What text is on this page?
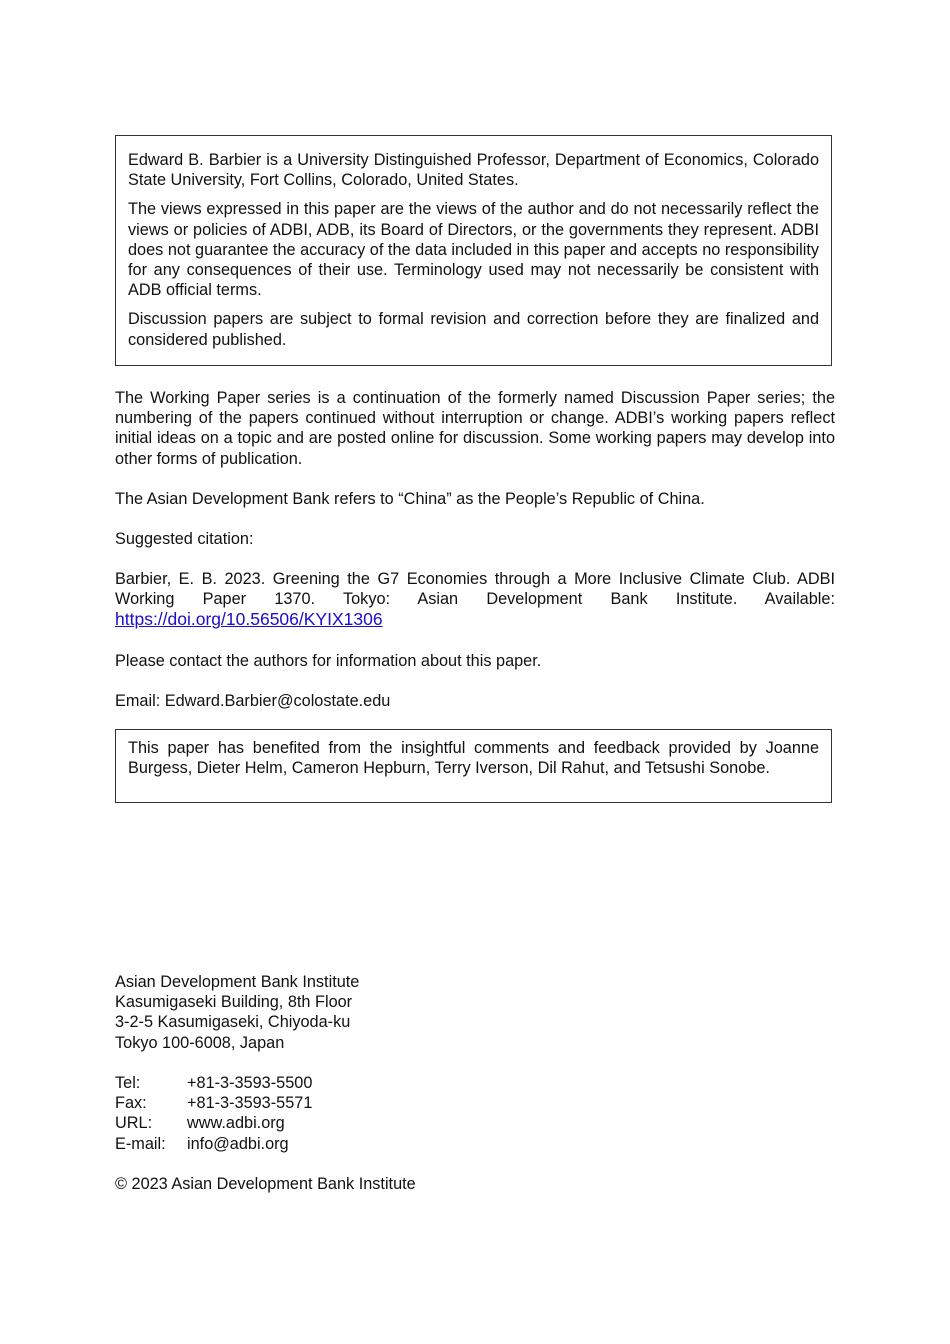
Edward B. Barbier is a University Distinguished Professor, Department of Economics, Colorado State University, Fort Collins, Colorado, United States.

The views expressed in this paper are the views of the author and do not necessarily reflect the views or policies of ADBI, ADB, its Board of Directors, or the governments they represent. ADBI does not guarantee the accuracy of the data included in this paper and accepts no responsibility for any consequences of their use. Terminology used may not necessarily be consistent with ADB official terms.

Discussion papers are subject to formal revision and correction before they are finalized and considered published.

The Working Paper series is a continuation of the formerly named Discussion Paper series; the numbering of the papers continued without interruption or change. ADBI’s working papers reflect initial ideas on a topic and are posted online for discussion. Some working papers may develop into other forms of publication.

The Asian Development Bank refers to “China” as the People’s Republic of China.

Suggested citation:

Barbier, E. B. 2023. Greening the G7 Economies through a More Inclusive Climate Club. ADBI Working Paper 1370. Tokyo: Asian Development Bank Institute. Available: https://doi.org/10.56506/KYIX1306

Please contact the authors for information about this paper.

Email: Edward.Barbier@colostate.edu

This paper has benefited from the insightful comments and feedback provided by Joanne Burgess, Dieter Helm, Cameron Hepburn, Terry Iverson, Dil Rahut, and Tetsushi Sonobe.

Asian Development Bank Institute

Kasumigaseki Building, 8th Floor

3-2-5 Kasumigaseki, Chiyoda-ku

Tokyo 100-6008, Japan

Tel:	+81-3-3593-5500
Fax:	+81-3-3593-5571
URL:	www.adbi.org
E-mail:	info@adbi.org

© 2023 Asian Development Bank Institute
